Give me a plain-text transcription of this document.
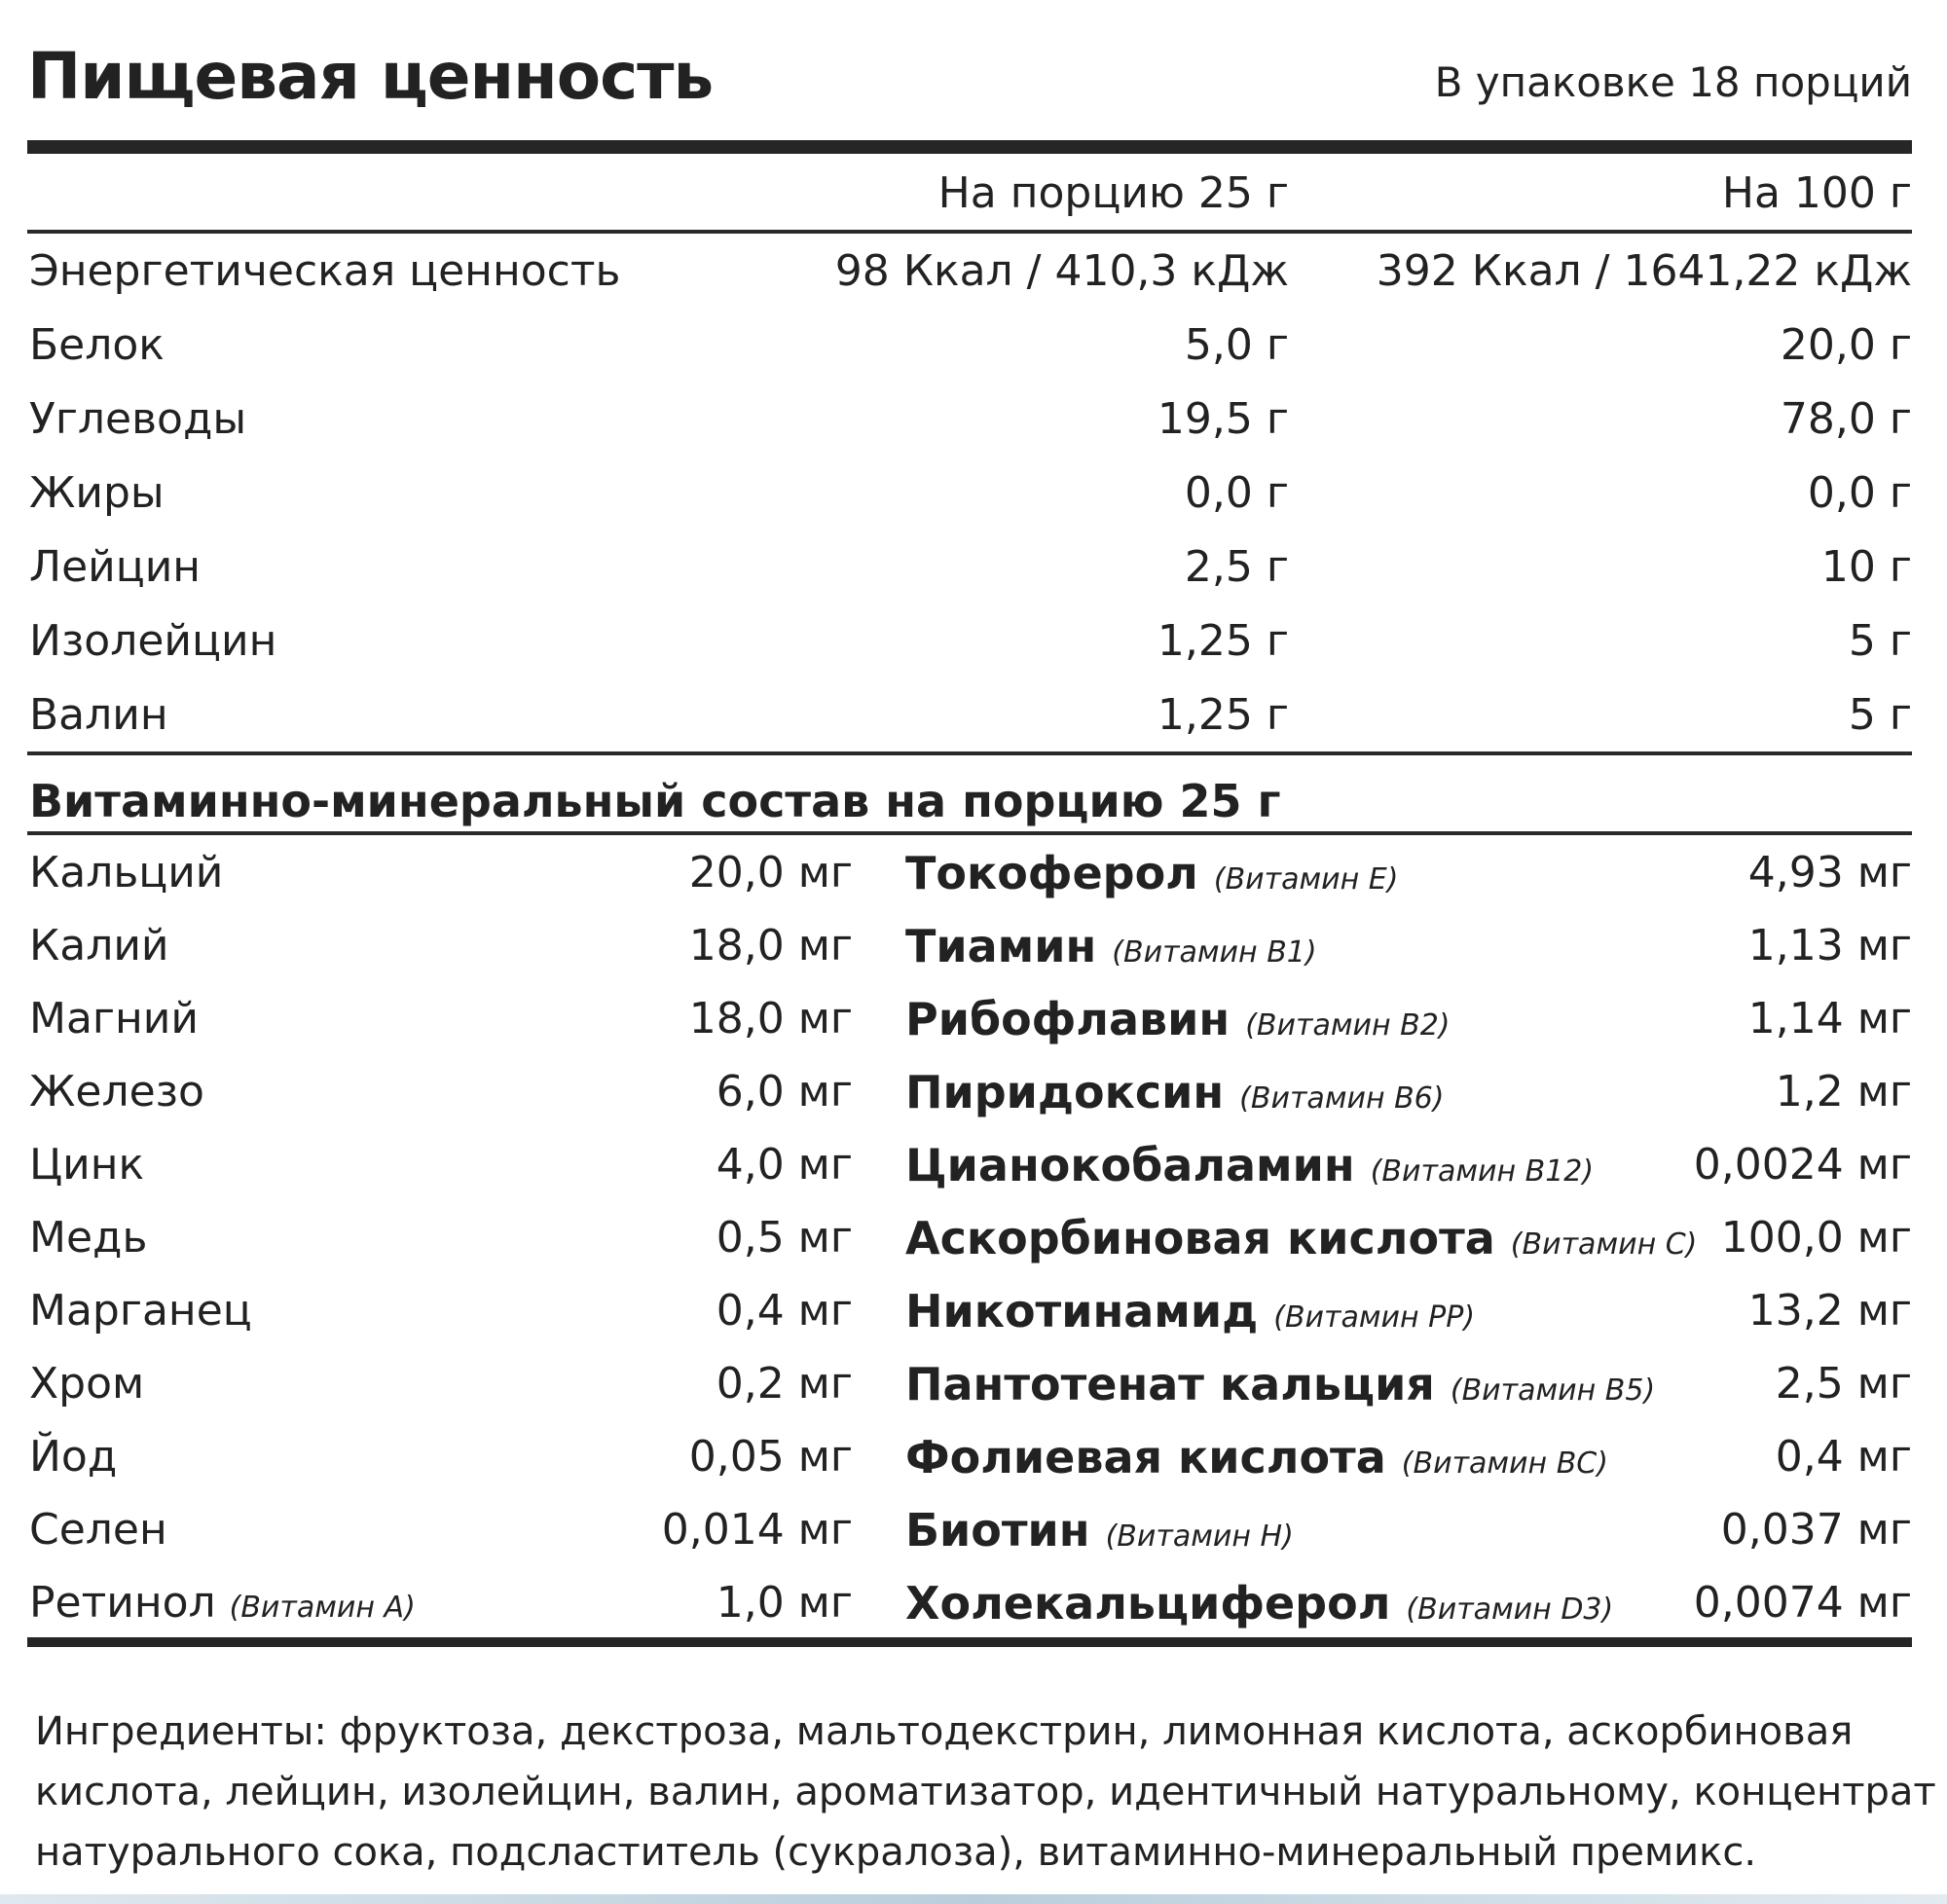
Пищевая ценность	В упаковке 18 порций
На порцию 25 г	На 100 г
Энергетическая ценность	98 Ккал / 410,3 кДж 392 Ккал / 1641,22 кДж
Белок	5,0 г	20,0 г
Углеводы	19,5 г	78,0 г
Жиры	0,0 г	0,0 г
Лейцин	2,5 г	10 г
Изолейцин	1,25 г	5 г
Валин	1,25 г	5 г
Витаминно-минеральный состав на порцию 25 г
Кальций	20,0 мг Токоферол (Витамин Е)	4,93 мг
Калий	18,0 мг Тиамин (Витамин В1)	1,13 мг
Магний	18,0 мг Рибофлавин (Витамин В2)	1,14 мг
Железо	6,0 мг Пиридоксин (Витамин В6)	1,2 мг
Цинк	4,0 мг Цианокобаламин (Витамин В12) 0,0024 мг
Медь	0,5 мг Аскорбиновая кислота (Витамин С) 100,0 мг
Марганец	0,4 мг Никотинамид (Витамин РР)	13,2 мг
Хром	0,2 мг Пантотенат кальция (Витамин В5)	2,5 мг
Йод	0,05 мг Фолиевая кислота (Витамин ВС)	0,4 мг
Селен	0,014 мг Биотин (Витамин Н)	0,037 мг
Ретинол (Витамин А)	1,0 мг Холекальциферол (Витамин D3) 0,0074 мг
Ингредиенты: фруктоза, декстроза, мальтодекстрин, лимонная кислота, аскорбиновая
кислота, лейцин, изолейцин, валин, ароматизатор, идентичный натуральному, концентрат
натурального сока, подсластитель (сукралоза), витаминно-минеральный премикс.
